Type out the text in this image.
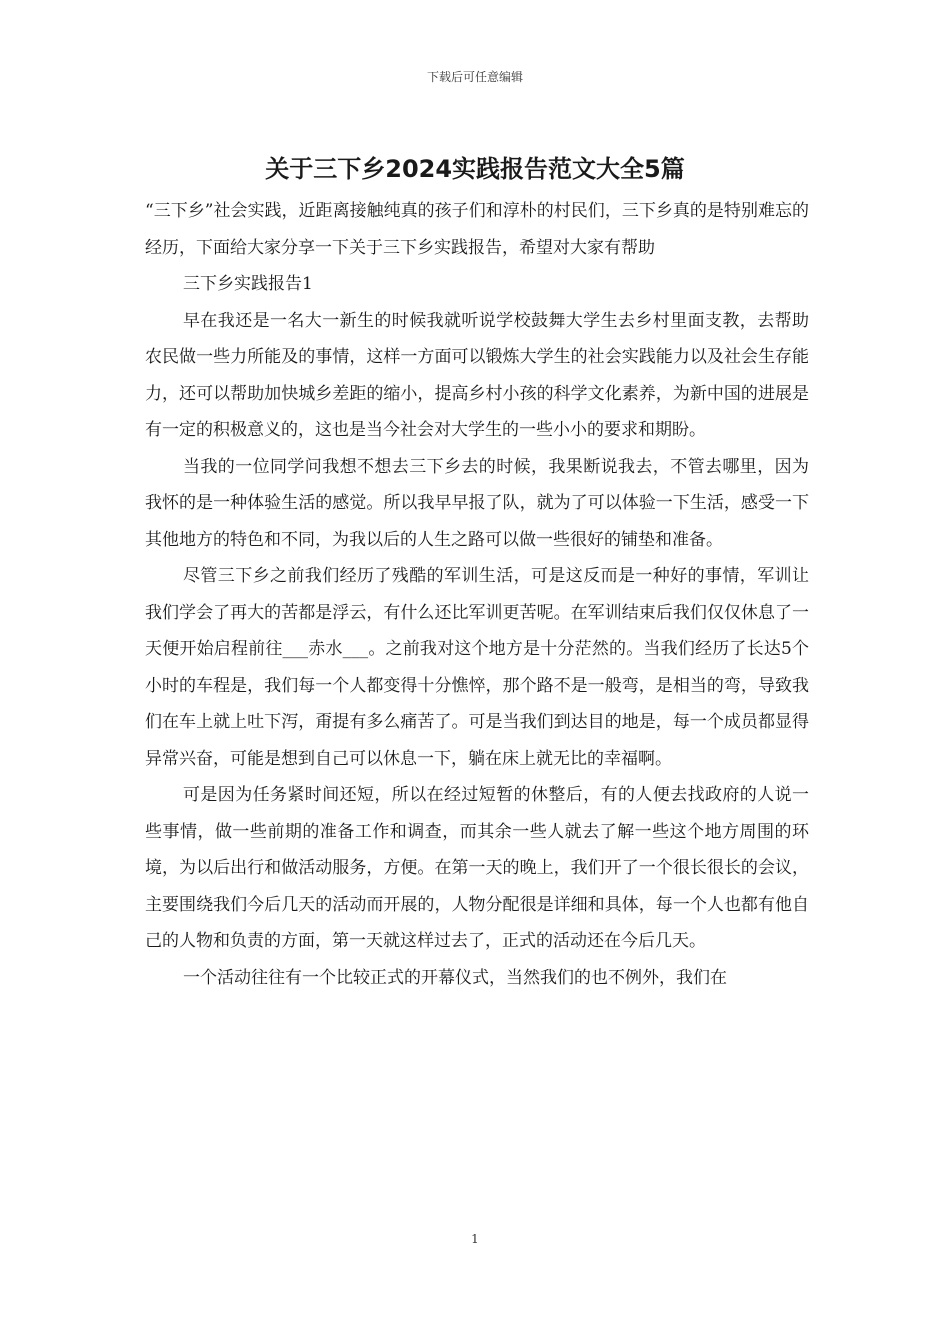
下载后可任意编辑
关于三下乡2024实践报告范文大全5篇

“三下乡”社会实践，近距离接触纯真的孩子们和淳朴的村民们，三下乡真的是特别难忘的经历，下面给大家分享一下关于三下乡实践报告，希望对大家有帮助

三下乡实践报告1

早在我还是一名大一新生的时候我就听说学校鼓舞大学生去乡村里面支教，去帮助农民做一些力所能及的事情，这样一方面可以锻炼大学生的社会实践能力以及社会生存能力，还可以帮助加快城乡差距的缩小，提高乡村小孩的科学文化素养，为新中国的进展是有一定的积极意义的，这也是当今社会对大学生的一些小小的要求和期盼。

当我的一位同学问我想不想去三下乡去的时候，我果断说我去，不管去哪里，因为我怀的是一种体验生活的感觉。所以我早早报了队，就为了可以体验一下生活，感受一下其他地方的特色和不同，为我以后的人生之路可以做一些很好的铺垫和准备。

尽管三下乡之前我们经历了残酷的军训生活，可是这反而是一种好的事情，军训让我们学会了再大的苦都是浮云，有什么还比军训更苦呢。在军训结束后我们仅仅休息了一天便开始启程前往___赤水___。之前我对这个地方是十分茫然的。当我们经历了长达5个小时的车程是，我们每一个人都变得十分憔悴，那个路不是一般弯，是相当的弯，导致我们在车上就上吐下泻，甭提有多么痛苦了。可是当我们到达目的地是，每一个成员都显得异常兴奋，可能是想到自己可以休息一下，躺在床上就无比的幸福啊。

可是因为任务紧时间还短，所以在经过短暂的休整后，有的人便去找政府的人说一些事情，做一些前期的准备工作和调查，而其余一些人就去了解一些这个地方周围的环境，为以后出行和做活动服务，方便。在第一天的晚上，我们开了一个很长很长的会议，主要围绕我们今后几天的活动而开展的，人物分配很是详细和具体，每一个人也都有他自己的人物和负责的方面，第一天就这样过去了，正式的活动还在今后几天。

一个活动往往有一个比较正式的开幕仪式，当然我们的也不例外，我们在

1
